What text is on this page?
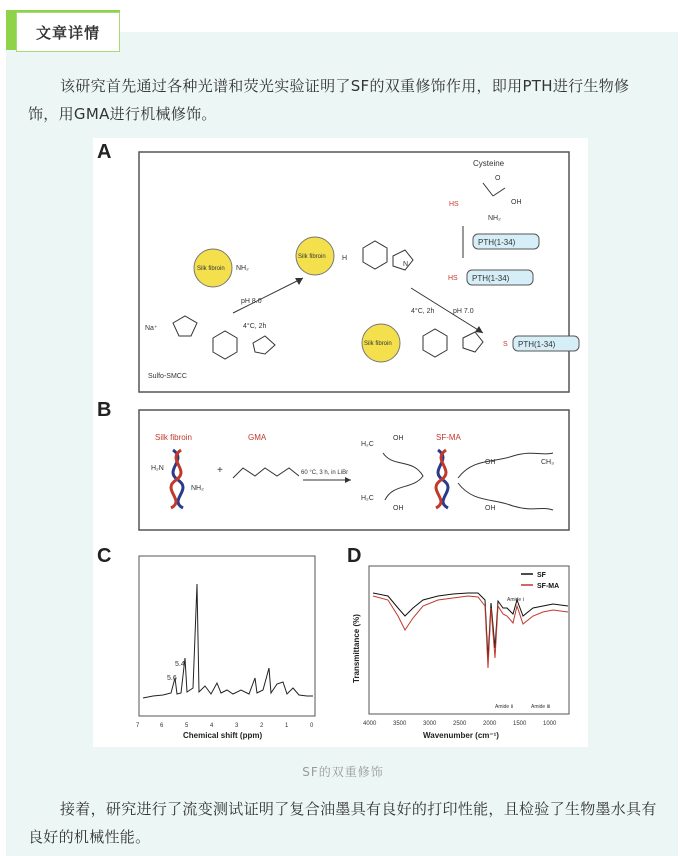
文章详情
该研究首先通过各种光谱和荧光实验证明了SF的双重修饰作用，即用PTH进行生物修饰，用GMA进行机械修饰。
A
Cysteine
HS
NH₂
OH
O
PTH(1-34)
HS PTH(1-34)
Silk fibroin NH₂
pH 8.0
4°C, 2h
Silk fibroin H
N
4°C, 2h	pH 7.0
Na⁺
Sulfo-SMCC
Silk fibroin	S PTH(1-34)
B
Silk fibroin	GMA	SF-MA
H₂N
NH₂
+	60 °C, 3 h, in LiBr
H₂C
H₂C
OH
OH
OH
OH
CH₃
C
7	6	5	4	3	2	1	0
Chemical shift (ppm)
5.4
5.6
D
Transmittance (%)
4000	3500	3000	2500	2000	1500	1000
Wavenumber (cm⁻¹)
SF
SF-MA
Amide Ⅰ
Amide Ⅱ	Amide Ⅲ
SF的双重修饰
接着，研究进行了流变测试证明了复合油墨具有良好的打印性能，且检验了生物墨水具有良好的机械性能。
